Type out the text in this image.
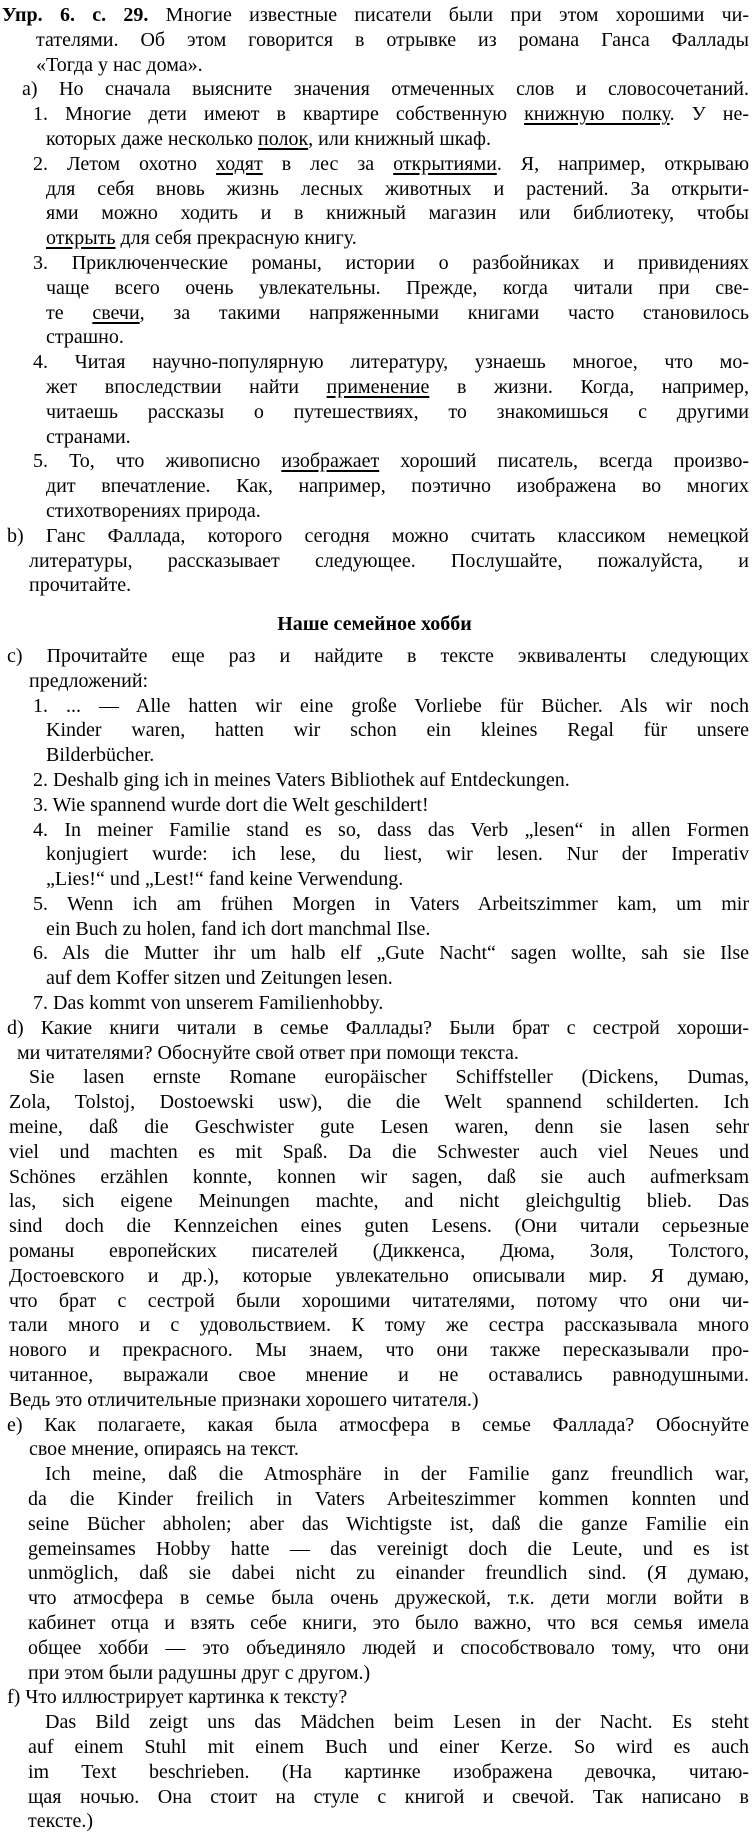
Упр. 6. с. 29. Многие известные писатели были при этом хорошими чи-
тателями. Об этом говорится в отрывке из романа Ганса Фаллады
«Тогда у нас дома».
a) Но сначала выясните значения отмеченных слов и словосочетаний.
1. Многие дети имеют в квартире собственную книжную полку. У не-
которых даже несколько полок, или книжный шкаф.
2. Летом охотно ходят в лес за открытиями. Я, например, открываю
для себя вновь жизнь лесных животных и растений. За открыти-
ями можно ходить и в книжный магазин или библиотеку, чтобы
открыть для себя прекрасную книгу.
3. Приключенческие романы, истории о разбойниках и привидениях
чаще всего очень увлекательны. Прежде, когда читали при све-
те свечи, за такими напряженными книгами часто становилось
страшно.
4. Читая научно-популярную литературу, узнаешь многое, что мо-
жет впоследствии найти применение в жизни. Когда, например,
читаешь рассказы о путешествиях, то знакомишься с другими
странами.
5. То, что живописно изображает хороший писатель, всегда произво-
дит впечатление. Как, например, поэтично изображена во многих
стихотворениях природа.
b) Ганс Фаллада, которого сегодня можно считать классиком немецкой
литературы, рассказывает следующее. Послушайте, пожалуйста, и
прочитайте.
Наше семейное хобби
c) Прочитайте еще раз и найдите в тексте эквиваленты следующих
предложений:
1. ... — Alle hatten wir eine große Vorliebe für Bücher. Als wir noch
Kinder waren, hatten wir schon ein kleines Regal für unsere
Bilderbücher.
2. Deshalb ging ich in meines Vaters Bibliothek auf Entdeckungen.
3. Wie spannend wurde dort die Welt geschildert!
4. In meiner Familie stand es so, dass das Verb „lesen“ in allen Formen
konjugiert wurde: ich lese, du liest, wir lesen. Nur der Imperativ
„Lies!“ und „Lest!“ fand keine Verwendung.
5. Wenn ich am frühen Morgen in Vaters Arbeitszimmer kam, um mir
ein Buch zu holen, fand ich dort manchmal Ilse.
6. Als die Mutter ihr um halb elf „Gute Nacht“ sagen wollte, sah sie Ilse
auf dem Koffer sitzen und Zeitungen lesen.
7. Das kommt von unserem Familienhobby.
d) Какие книги читали в семье Фаллады? Были брат с сестрой хороши-
ми читателями? Обоснуйте свой ответ при помощи текста.
Sie lasen ernste Romane europäischer Schiffsteller (Dickens, Dumas,
Zola, Tolstoj, Dostoewski usw), die die Welt spannend schilderten. Ich
meine, daß die Geschwister gute Lesen waren, denn sie lasen sehr
viel und machten es mit Spaß. Da die Schwester auch viel Neues und
Schönes erzählen konnte, konnen wir sagen, daß sie auch aufmerksam
las, sich eigene Meinungen machte, and nicht gleichgultig blieb. Das
sind doch die Kennzeichen eines guten Lesens. (Они читали серьезные
романы европейских писателей (Диккенса, Дюма, Золя, Толстого,
Достоевского и др.), которые увлекательно описывали мир. Я думаю,
что брат с сестрой были хорошими читателями, потому что они чи-
тали много и с удовольствием. К тому же сестра рассказывала много
нового и прекрасного. Мы знаем, что они также пересказывали про-
читанное, выражали свое мнение и не оставались равнодушными.
Ведь это отличительные признаки хорошего читателя.)
e) Как полагаете, какая была атмосфера в семье Фаллада? Обоснуйте
свое мнение, опираясь на текст.
Ich meine, daß die Atmosphäre in der Familie ganz freundlich war,
da die Kinder freilich in Vaters Arbeiteszimmer kommen konnten und
seine Bücher abholen; aber das Wichtigste ist, daß die ganze Familie ein
gemeinsames Hobby hatte — das vereinigt doch die Leute, und es ist
unmöglich, daß sie dabei nicht zu einander freundlich sind. (Я думаю,
что атмосфера в семье была очень дружеской, т.к. дети могли войти в
кабинет отца и взять себе книги, это было важно, что вся семья имела
общее хобби — это объединяло людей и способствовало тому, что они
при этом были радушны друг с другом.)
f) Что иллюстрирует картинка к тексту?
Das Bild zeigt uns das Mädchen beim Lesen in der Nacht. Es steht
auf einem Stuhl mit einem Buch und einer Kerze. So wird es auch
im Text beschrieben. (На картинке изображена девочка, читаю-
щая ночью. Она стоит на стуле с книгой и свечой. Так написано в
тексте.)
